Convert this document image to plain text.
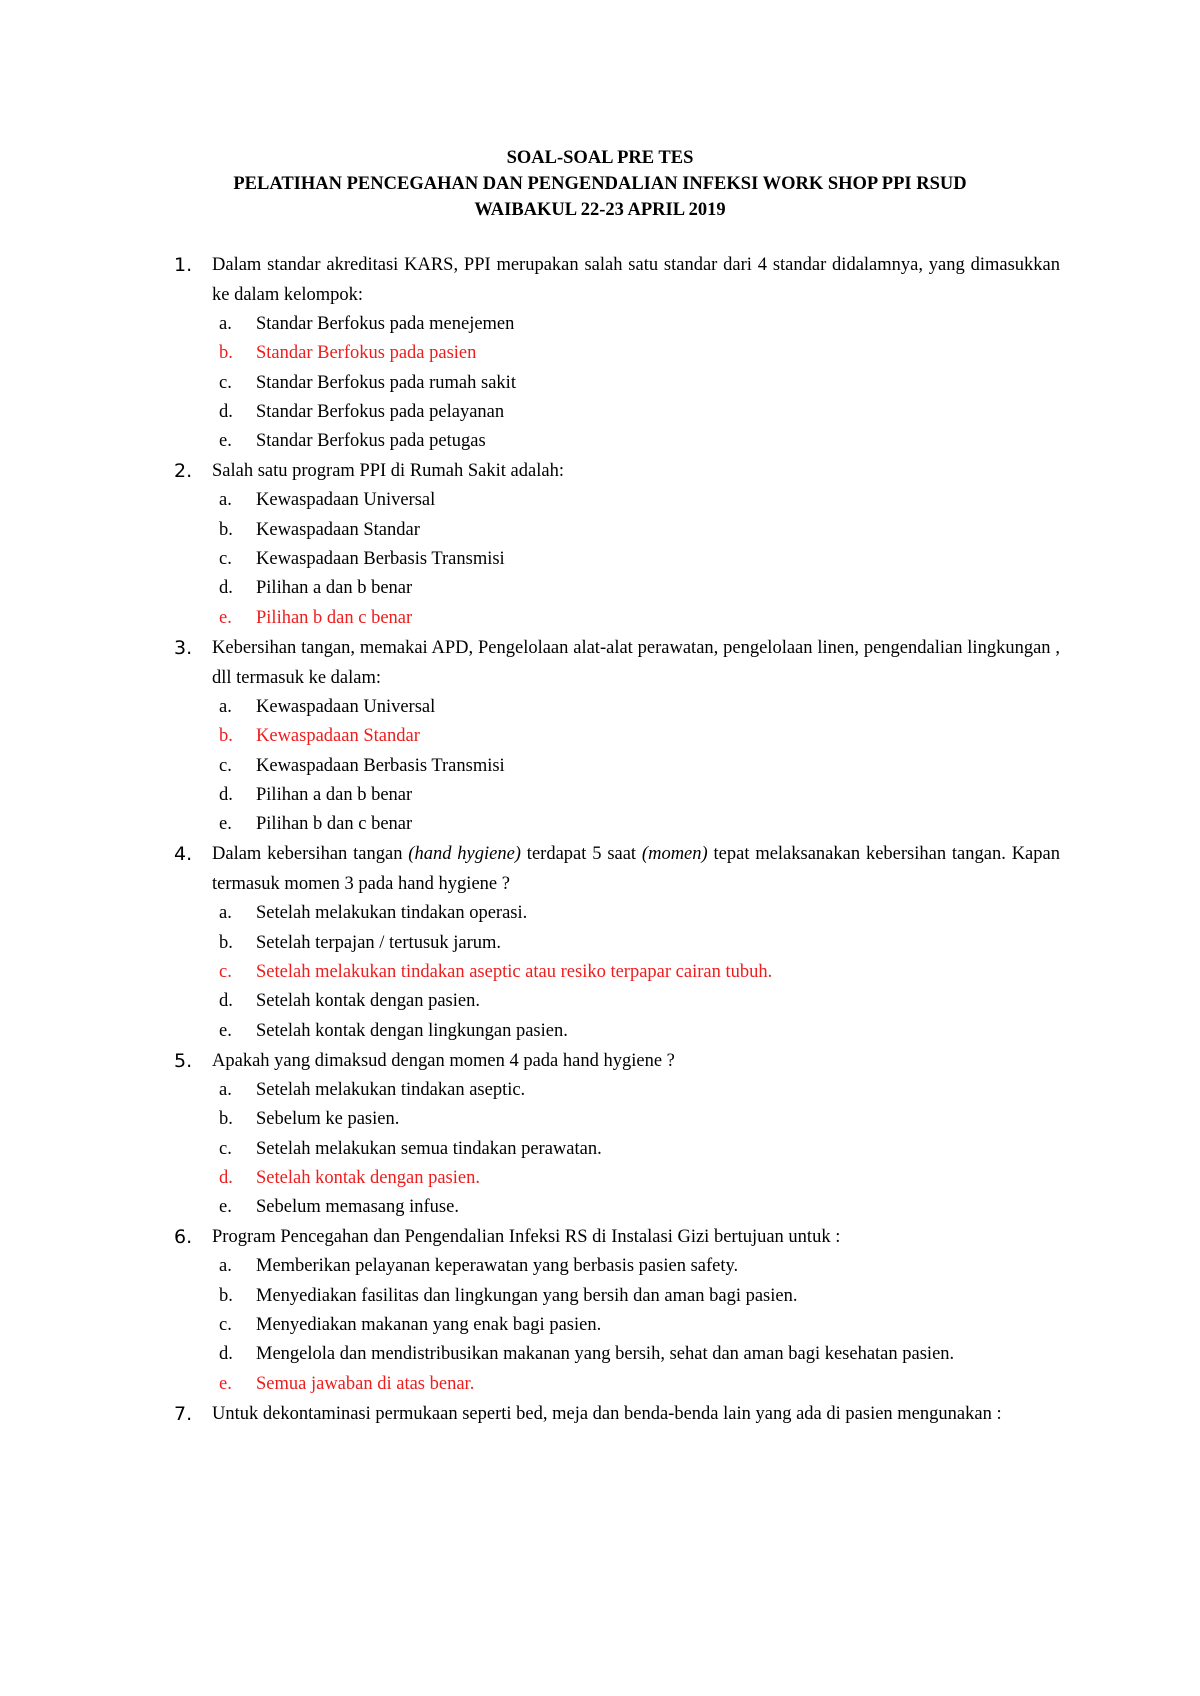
SOAL-SOAL PRE TES
PELATIHAN PENCEGAHAN DAN PENGENDALIAN INFEKSI WORK SHOP PPI RSUD
WAIBAKUL 22-23 APRIL 2019
1.	Dalam standar akreditasi KARS, PPI merupakan salah satu standar dari 4 standar didalamnya, yang dimasukkan ke dalam kelompok:
a. Standar Berfokus pada menejemen
b. Standar Berfokus pada pasien
c. Standar Berfokus pada rumah sakit
d. Standar Berfokus pada pelayanan
e. Standar Berfokus pada petugas
2.	Salah satu program PPI di Rumah Sakit adalah:
a. Kewaspadaan Universal
b. Kewaspadaan Standar
c. Kewaspadaan Berbasis Transmisi
d. Pilihan a dan b benar
e. Pilihan b dan c benar
3.	Kebersihan tangan, memakai APD, Pengelolaan alat-alat perawatan, pengelolaan linen, pengendalian lingkungan , dll termasuk ke dalam:
a. Kewaspadaan Universal
b. Kewaspadaan Standar
c. Kewaspadaan Berbasis Transmisi
d. Pilihan a dan b benar
e. Pilihan b dan c benar
4.	Dalam kebersihan tangan (hand hygiene) terdapat 5 saat (momen) tepat melaksanakan kebersihan tangan. Kapan termasuk momen 3 pada hand hygiene ?
a. Setelah melakukan tindakan operasi.
b. Setelah terpajan / tertusuk jarum.
c. Setelah melakukan tindakan aseptic atau resiko terpapar cairan tubuh.
d. Setelah kontak dengan pasien.
e. Setelah kontak dengan lingkungan pasien.
5.	Apakah yang dimaksud dengan momen 4 pada hand hygiene ?
a. Setelah melakukan tindakan aseptic.
b. Sebelum ke pasien.
c. Setelah melakukan semua tindakan perawatan.
d. Setelah kontak dengan pasien.
e. Sebelum memasang infuse.
6.	Program Pencegahan dan Pengendalian Infeksi RS di Instalasi Gizi bertujuan untuk :
a. Memberikan pelayanan keperawatan yang berbasis pasien safety.
b. Menyediakan fasilitas dan lingkungan yang bersih dan aman bagi pasien.
c. Menyediakan makanan yang enak bagi pasien.
d. Mengelola dan mendistribusikan makanan yang bersih, sehat dan aman bagi kesehatan pasien.
e. Semua jawaban di atas benar.
7.	Untuk dekontaminasi permukaan seperti bed, meja dan benda-benda lain yang ada di pasien mengunakan :
